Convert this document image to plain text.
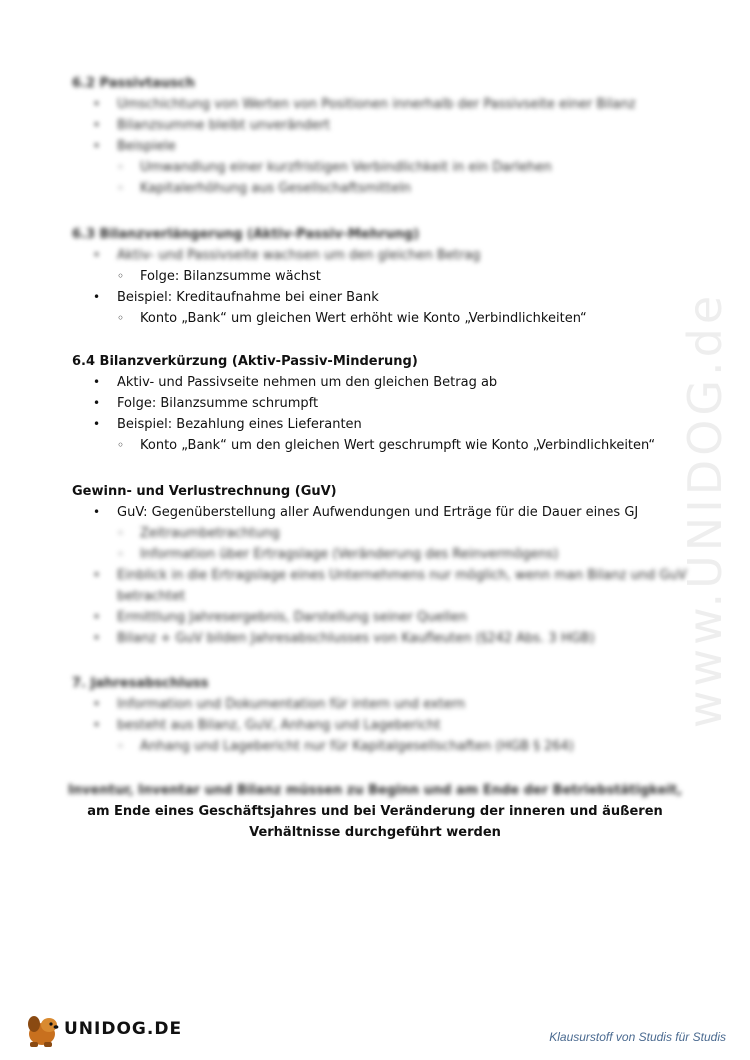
www.UNIDOG.de
6.2 Passivtausch
• Umschichtung von Werten von Positionen innerhalb der Passivseite einer Bilanz
• Bilanzsumme bleibt unverändert
• Beispiele
◦ Umwandlung einer kurzfristigen Verbindlichkeit in ein Darlehen
◦ Kapitalerhöhung aus Gesellschaftsmitteln
6.3 Bilanzverlängerung (Aktiv-Passiv-Mehrung)
• Aktiv- und Passivseite wachsen um den gleichen Betrag
◦ Folge: Bilanzsumme wächst
• Beispiel: Kreditaufnahme bei einer Bank
◦ Konto „Bank“ um gleichen Wert erhöht wie Konto „Verbindlichkeiten“
6.4 Bilanzverkürzung (Aktiv-Passiv-Minderung)
• Aktiv- und Passivseite nehmen um den gleichen Betrag ab
• Folge: Bilanzsumme schrumpft
• Beispiel: Bezahlung eines Lieferanten
◦ Konto „Bank“ um den gleichen Wert geschrumpft wie Konto „Verbindlichkeiten“
Gewinn- und Verlustrechnung (GuV)
• GuV: Gegenüberstellung aller Aufwendungen und Erträge für die Dauer eines GJ
◦ Zeitraumbetrachtung
◦ Information über Ertragslage (Veränderung des Reinvermögens)
• Einblick in die Ertragslage eines Unternehmens nur möglich, wenn man Bilanz und GuV betrachtet
• Ermittlung Jahresergebnis, Darstellung seiner Quellen
• Bilanz + GuV bilden Jahresabschlusses von Kaufleuten (§242 Abs. 3 HGB)
7. Jahresabschluss
• Information und Dokumentation für intern und extern
• besteht aus Bilanz, GuV, Anhang und Lagebericht
◦ Anhang und Lagebericht nur für Kapitalgesellschaften (HGB § 264)
Inventur, Inventar und Bilanz müssen zu Beginn und am Ende der Betriebstätigkeit,
am Ende eines Geschäftsjahres und bei Veränderung der inneren und äußeren
Verhältnisse durchgeführt werden
UNIDOG.DE	Klausurstoff von Studis für Studis
